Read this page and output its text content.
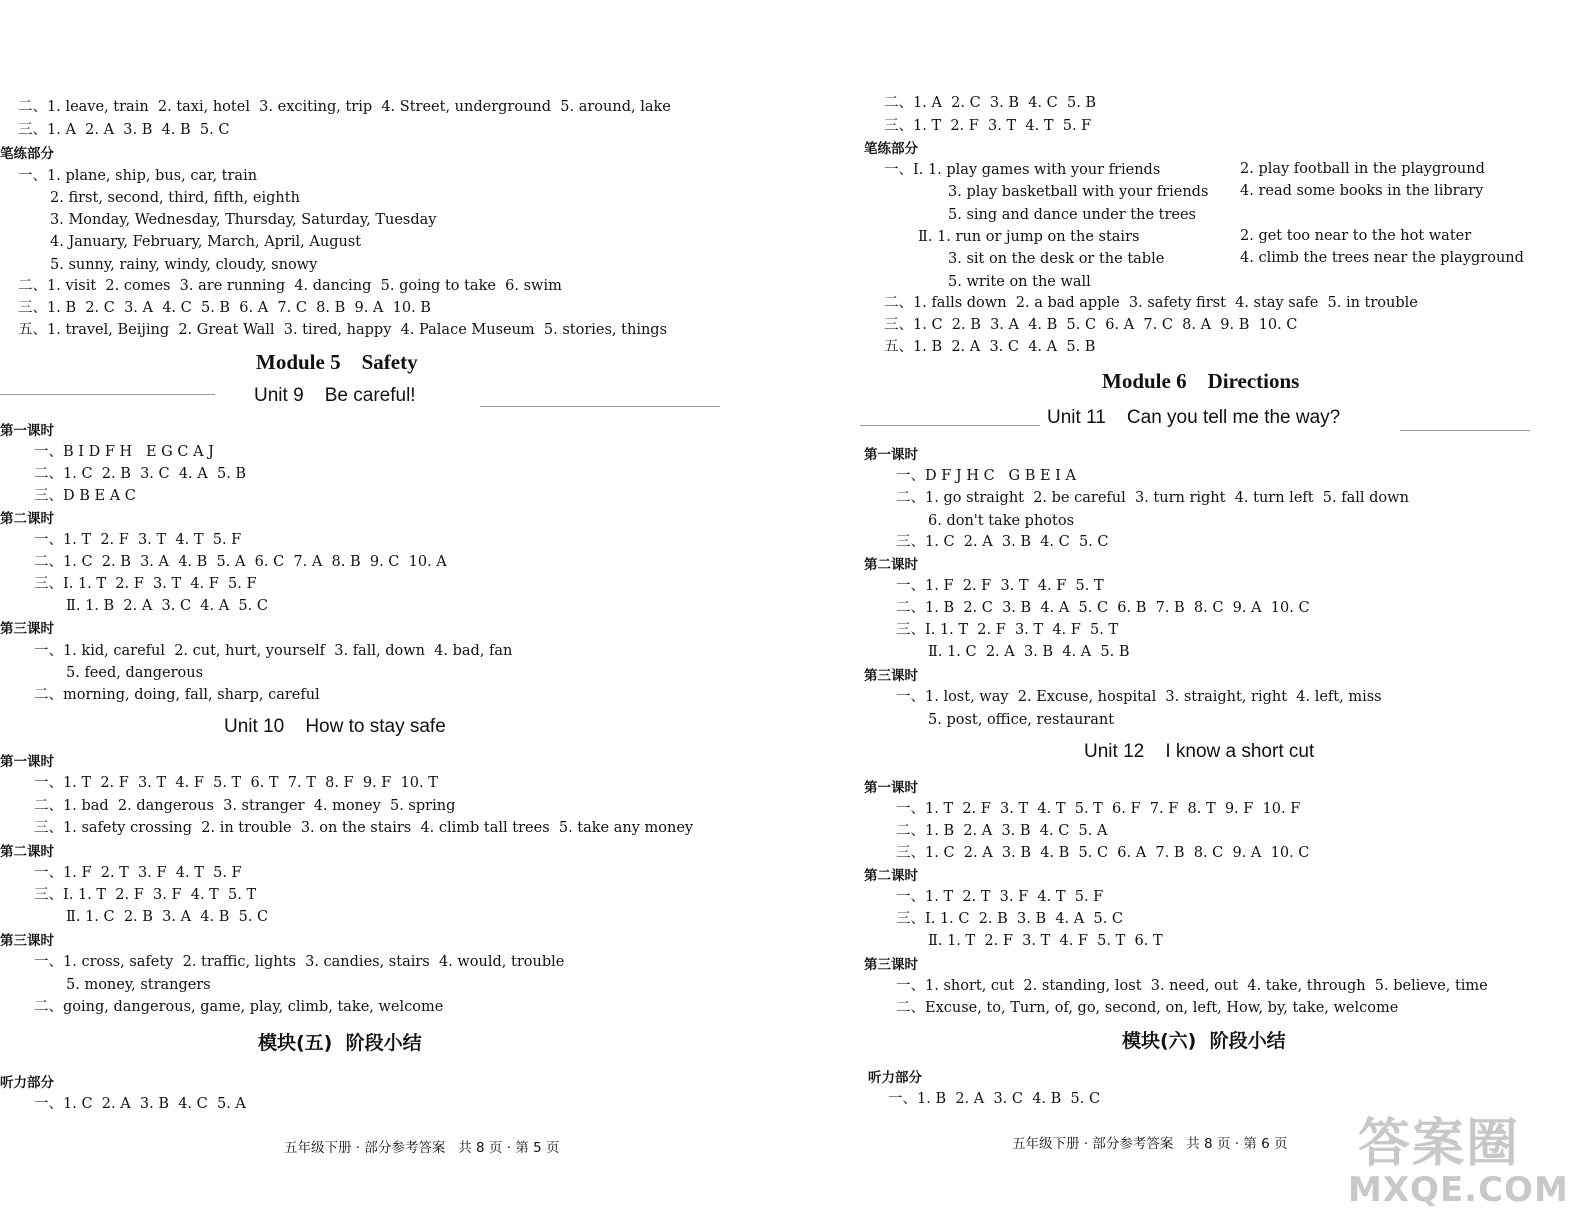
二、1. leave, train  2. taxi, hotel  3. exciting, trip  4. Street, underground  5. around, lake
三、1. A  2. A  3. B  4. B  5. C
笔练部分
一、1. plane, ship, bus, car, train
2. first, second, third, fifth, eighth
3. Monday, Wednesday, Thursday, Saturday, Tuesday
4. January, February, March, April, August
5. sunny, rainy, windy, cloudy, snowy
二、1. visit  2. comes  3. are running  4. dancing  5. going to take  6. swim
三、1. B  2. C  3. A  4. C  5. B  6. A  7. C  8. B  9. A  10. B
五、1. travel, Beijing  2. Great Wall  3. tired, happy  4. Palace Museum  5. stories, things
Module 5    Safety
Unit 9    Be careful!
第一课时
一、B I D F H   E G C A J
二、1. C  2. B  3. C  4. A  5. B
三、D B E A C
第二课时
一、1. T  2. F  3. T  4. T  5. F
二、1. C  2. B  3. A  4. B  5. A  6. C  7. A  8. B  9. C  10. A
三、Ⅰ. 1. T  2. F  3. T  4. F  5. F
Ⅱ. 1. B  2. A  3. C  4. A  5. C
第三课时
一、1. kid, careful  2. cut, hurt, yourself  3. fall, down  4. bad, fan
5. feed, dangerous
二、morning, doing, fall, sharp, careful
Unit 10    How to stay safe
第一课时
一、1. T  2. F  3. T  4. F  5. T  6. T  7. T  8. F  9. F  10. T
二、1. bad  2. dangerous  3. stranger  4. money  5. spring
三、1. safety crossing  2. in trouble  3. on the stairs  4. climb tall trees  5. take any money
第二课时
一、1. F  2. T  3. F  4. T  5. F
三、Ⅰ. 1. T  2. F  3. F  4. T  5. T
Ⅱ. 1. C  2. B  3. A  4. B  5. C
第三课时
一、1. cross, safety  2. traffic, lights  3. candies, stairs  4. would, trouble
5. money, strangers
二、going, dangerous, game, play, climb, take, welcome
模块(五)  阶段小结
听力部分
一、1. C  2. A  3. B  4. C  5. A
五年级下册 · 部分参考答案   共 8 页 · 第 5 页
二、1. A  2. C  3. B  4. C  5. B
三、1. T  2. F  3. T  4. T  5. F
笔练部分
一、Ⅰ. 1. play games with your friends	2. play football in the playground
3. play basketball with your friends 4. read some books in the library
5. sing and dance under the trees
Ⅱ. 1. run or jump on the stairs	2. get too near to the hot water
3. sit on the desk or the table	4. climb the trees near the playground
5. write on the wall
二、1. falls down  2. a bad apple  3. safety first  4. stay safe  5. in trouble
三、1. C  2. B  3. A  4. B  5. C  6. A  7. C  8. A  9. B  10. C
五、1. B  2. A  3. C  4. A  5. B
Module 6    Directions
Unit 11    Can you tell me the way?
第一课时
一、D F J H C   G B E I A
二、1. go straight  2. be careful  3. turn right  4. turn left  5. fall down
6. don't take photos
三、1. C  2. A  3. B  4. C  5. C
第二课时
一、1. F  2. F  3. T  4. F  5. T
二、1. B  2. C  3. B  4. A  5. C  6. B  7. B  8. C  9. A  10. C
三、Ⅰ. 1. T  2. F  3. T  4. F  5. T
Ⅱ. 1. C  2. A  3. B  4. A  5. B
第三课时
一、1. lost, way  2. Excuse, hospital  3. straight, right  4. left, miss
5. post, office, restaurant
Unit 12    I know a short cut
第一课时
一、1. T  2. F  3. T  4. T  5. T  6. F  7. F  8. T  9. F  10. F
二、1. B  2. A  3. B  4. C  5. A
三、1. C  2. A  3. B  4. B  5. C  6. A  7. B  8. C  9. A  10. C
第二课时
一、1. T  2. T  3. F  4. T  5. F
三、Ⅰ. 1. C  2. B  3. B  4. A  5. C
Ⅱ. 1. T  2. F  3. T  4. F  5. T  6. T
第三课时
一、1. short, cut  2. standing, lost  3. need, out  4. take, through  5. believe, time
二、Excuse, to, Turn, of, go, second, on, left, How, by, take, welcome
模块(六)  阶段小结
听力部分
一、1. B  2. A  3. C  4. B  5. C
五年级下册 · 部分参考答案   共 8 页 · 第 6 页 答案圈
MXQE.COM
